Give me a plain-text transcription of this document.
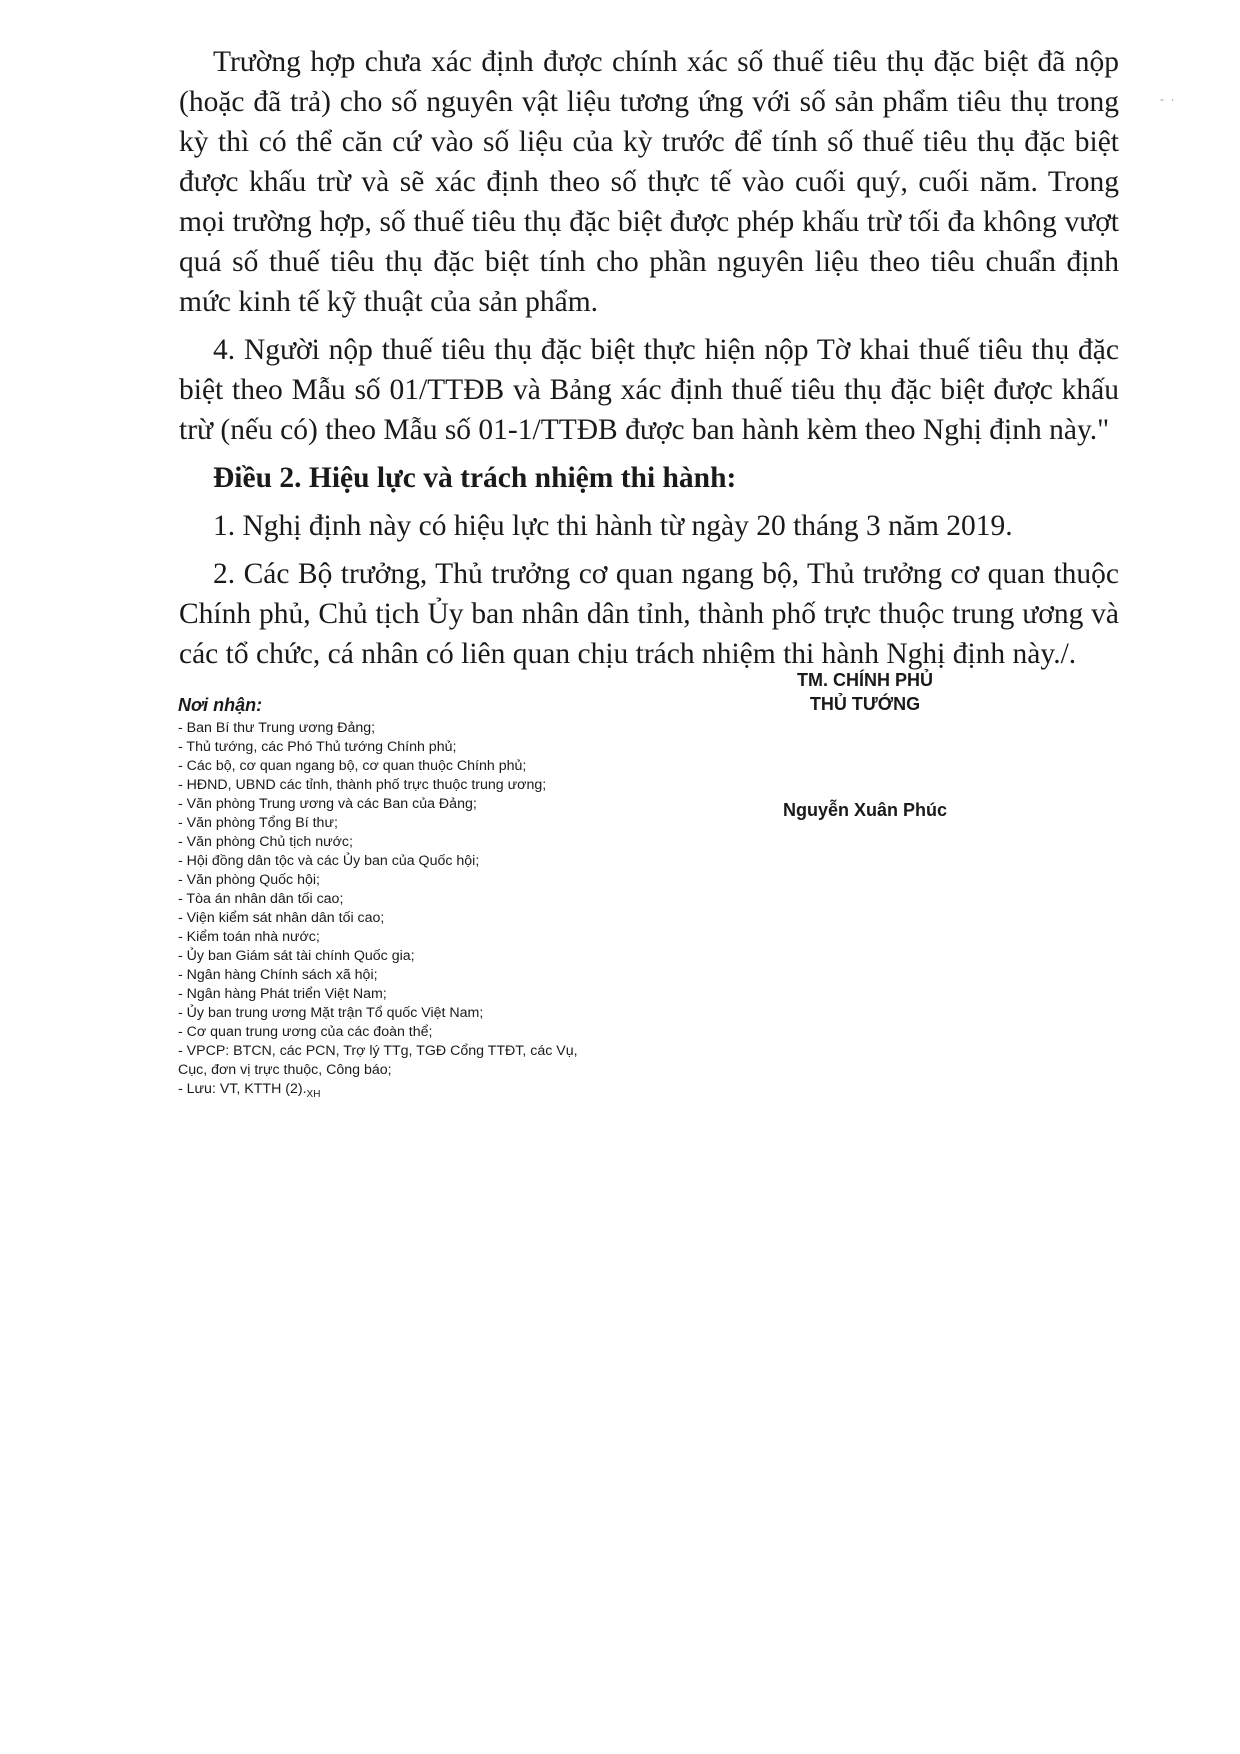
Trường hợp chưa xác định được chính xác số thuế tiêu thụ đặc biệt đã nộp (hoặc đã trả) cho số nguyên vật liệu tương ứng với số sản phẩm tiêu thụ trong kỳ thì có thể căn cứ vào số liệu của kỳ trước để tính số thuế tiêu thụ đặc biệt được khấu trừ và sẽ xác định theo số thực tế vào cuối quý, cuối năm. Trong mọi trường hợp, số thuế tiêu thụ đặc biệt được phép khấu trừ tối đa không vượt quá số thuế tiêu thụ đặc biệt tính cho phần nguyên liệu theo tiêu chuẩn định mức kinh tế kỹ thuật của sản phẩm.

4. Người nộp thuế tiêu thụ đặc biệt thực hiện nộp Tờ khai thuế tiêu thụ đặc biệt theo Mẫu số 01/TTĐB và Bảng xác định thuế tiêu thụ đặc biệt được khấu trừ (nếu có) theo Mẫu số 01-1/TTĐB được ban hành kèm theo Nghị định này."

Điều 2. Hiệu lực và trách nhiệm thi hành:

1. Nghị định này có hiệu lực thi hành từ ngày 20 tháng 3 năm 2019.

2. Các Bộ trưởng, Thủ trưởng cơ quan ngang bộ, Thủ trưởng cơ quan thuộc Chính phủ, Chủ tịch Ủy ban nhân dân tỉnh, thành phố trực thuộc trung ương và các tổ chức, cá nhân có liên quan chịu trách nhiệm thi hành Nghị định này./.

TM. CHÍNH PHỦ
THỦ TƯỚNG
Nguyễn Xuân Phúc
Nơi nhận:
- Ban Bí thư Trung ương Đảng;
- Thủ tướng, các Phó Thủ tướng Chính phủ;
- Các bộ, cơ quan ngang bộ, cơ quan thuộc Chính phủ;
- HĐND, UBND các tỉnh, thành phố trực thuộc trung ương;
- Văn phòng Trung ương và các Ban của Đảng;
- Văn phòng Tổng Bí thư;
- Văn phòng Chủ tịch nước;
- Hội đồng dân tộc và các Ủy ban của Quốc hội;
- Văn phòng Quốc hội;
- Tòa án nhân dân tối cao;
- Viện kiểm sát nhân dân tối cao;
- Kiểm toán nhà nước;
- Ủy ban Giám sát tài chính Quốc gia;
- Ngân hàng Chính sách xã hội;
- Ngân hàng Phát triển Việt Nam;
- Ủy ban trung ương Mặt trận Tổ quốc Việt Nam;
- Cơ quan trung ương của các đoàn thể;
- VPCP: BTCN, các PCN, Trợ lý TTg, TGĐ Cổng TTĐT, các Vụ,
Cục, đơn vị trực thuộc, Công báo;
- Lưu: VT, KTTH $(2)._{XH}$
-  ·
